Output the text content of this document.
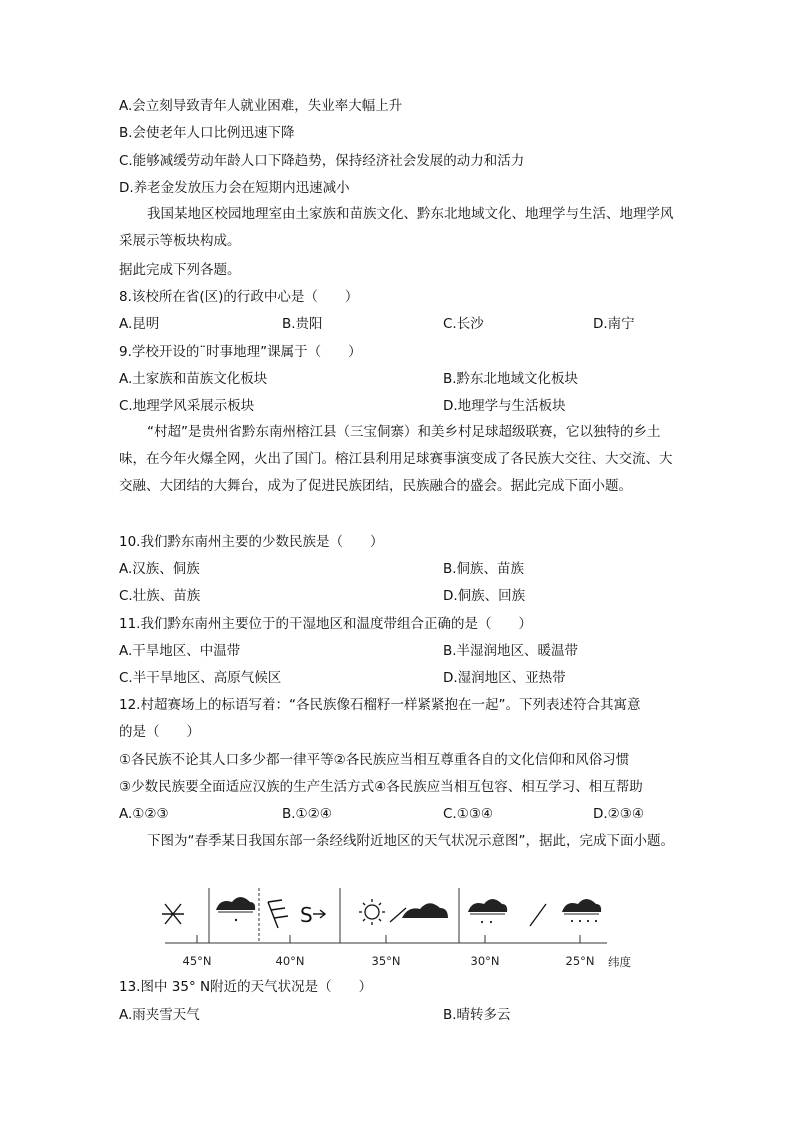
A.会立刻导致青年人就业困难，失业率大幅上升
B.会使老年人口比例迅速下降
C.能够减缓劳动年龄人口下降趋势，保持经济社会发展的动力和活力
D.养老金发放压力会在短期内迅速减小
我国某地区校园地理室由土家族和苗族文化、黔东北地域文化、地理学与生活、地理学风采展示等板块构成。
据此完成下列各题。
8.该校所在省(区)的行政中心是（　　）
A.昆明	B.贵阳	C.长沙	D.南宁
9.学校开设的¨时事地理”课属于（　　）
A.土家族和苗族文化板块	B.黔东北地域文化板块
C.地理学风采展示板块	D.地理学与生活板块
“村超”是贵州省黔东南州榕江县（三宝侗寨）和美乡村足球超级联赛，它以独特的乡土味，在今年火爆全网，火出了国门。榕江县利用足球赛事演变成了各民族大交往、大交流、大交融、大团结的大舞台，成为了促进民族团结，民族融合的盛会。据此完成下面小题。
10.我们黔东南州主要的少数民族是（　　）
A.汉族、侗族	B.侗族、苗族
C.壮族、苗族	D.侗族、回族
11.我们黔东南州主要位于的干湿地区和温度带组合正确的是（　　）
A.干旱地区、中温带	B.半湿润地区、暖温带
C.半干旱地区、高原气候区	D.湿润地区、亚热带
12.村超赛场上的标语写着：“各民族像石榴籽一样紧紧抱在一起”。下列表述符合其寓意
的是（　　）
①各民族不论其人口多少都一律平等②各民族应当相互尊重各自的文化信仰和风俗习惯
③少数民族要全面适应汉族的生产生活方式④各民族应当相互包容、相互学习、相互帮助
A.①②③	B.①②④	C.①③④	D.②③④
下图为“春季某日我国东部一条经线附近地区的天气状况示意图”，据此，完成下面小题。
S
45°N	40°N	35°N	30°N	25°N 纬度
13.图中 35° N附近的天气状况是（　　）
A.雨夹雪天气	B.晴转多云
